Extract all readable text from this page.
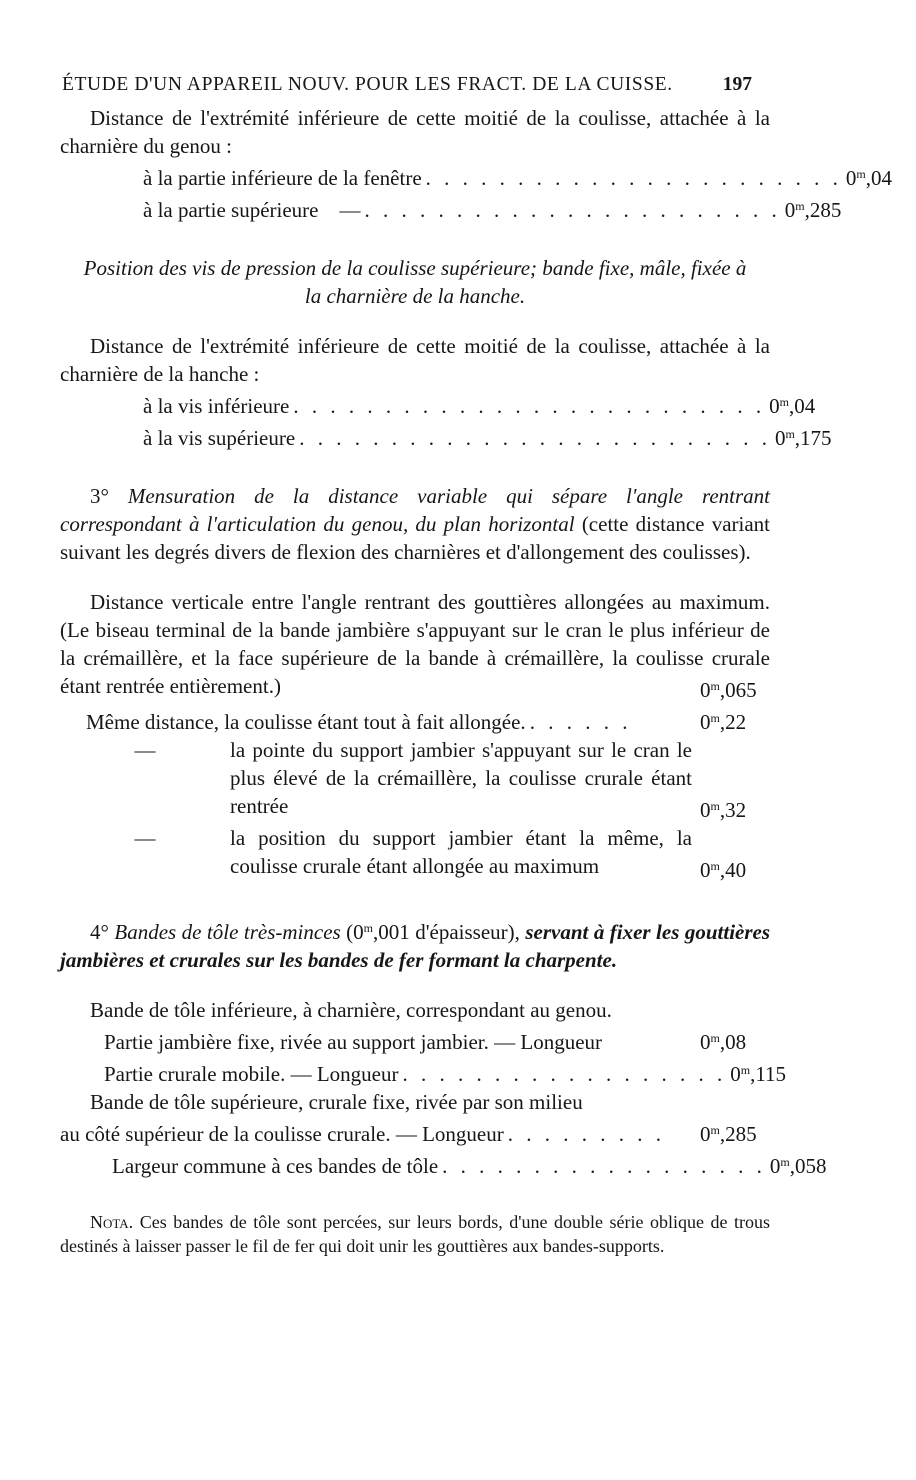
ÉTUDE D'UN APPAREIL NOUV. POUR LES FRACT. DE LA CUISSE.	197

Distance de l'extrémité inférieure de cette moitié de la coulisse, attachée à la charnière du genou :

à la partie inférieure de la fenêtre . . . . . . . . . . . . . . . . . . . . . . . 0$^m$,04
à la partie supérieure    — . . . . . . . . . . . . . . . . . . . . . . . 0$^m$,285

Position des vis de pression de la coulisse supérieure; bande fixe, mâle, fixée à la charnière de la hanche.

Distance de l'extrémité inférieure de cette moitié de la coulisse, attachée à la charnière de la hanche :

à la vis inférieure . . . . . . . . . . . . . . . . . . . . . . . . . . 0$^m$,04
à la vis supérieure . . . . . . . . . . . . . . . . . . . . . . . . . . 0$^m$,175

3° Mensuration de la distance variable qui sépare l'angle rentrant correspondant à l'articulation du genou, du plan horizontal (cette distance variant suivant les degrés divers de flexion des charnières et d'allongement des coulisses).

Distance verticale entre l'angle rentrant des gouttières allongées au maximum. (Le biseau terminal de la bande jambière s'appuyant sur le cran le plus inférieur de la crémaillère, et la face supérieure de la bande à crémaillère, la coulisse crurale étant rentrée entièrement.)	0$^m$,065
Même distance, la coulisse étant tout à fait allongée. . . . . . .	0$^m$,22
—	la pointe du support jambier s'appuyant sur le cran le plus élevé de la crémaillère, la coulisse crurale étant rentrée	0$^m$,32
—	la position du support jambier étant la même, la coulisse crurale étant allongée au maximum	0$^m$,40

4° Bandes de tôle très-minces (0$^m$,001 d'épaisseur), servant à fixer les gouttières jambières et crurales sur les bandes de fer formant la charpente.

Bande de tôle inférieure, à charnière, correspondant au genou.

Partie jambière fixe, rivée au support jambier. — Longueur	0$^m$,08
Partie crurale mobile. — Longueur . . . . . . . . . . . . . . . . . . 0$^m$,115

Bande de tôle supérieure, crurale fixe, rivée par son milieu

au côté supérieur de la coulisse crurale. — Longueur . . . . . . . . .	0$^m$,285
Largeur commune à ces bandes de tôle . . . . . . . . . . . . . . . . . . 0$^m$,058

Nota. Ces bandes de tôle sont percées, sur leurs bords, d'une double série oblique de trous destinés à laisser passer le fil de fer qui doit unir les gouttières aux bandes-supports.
